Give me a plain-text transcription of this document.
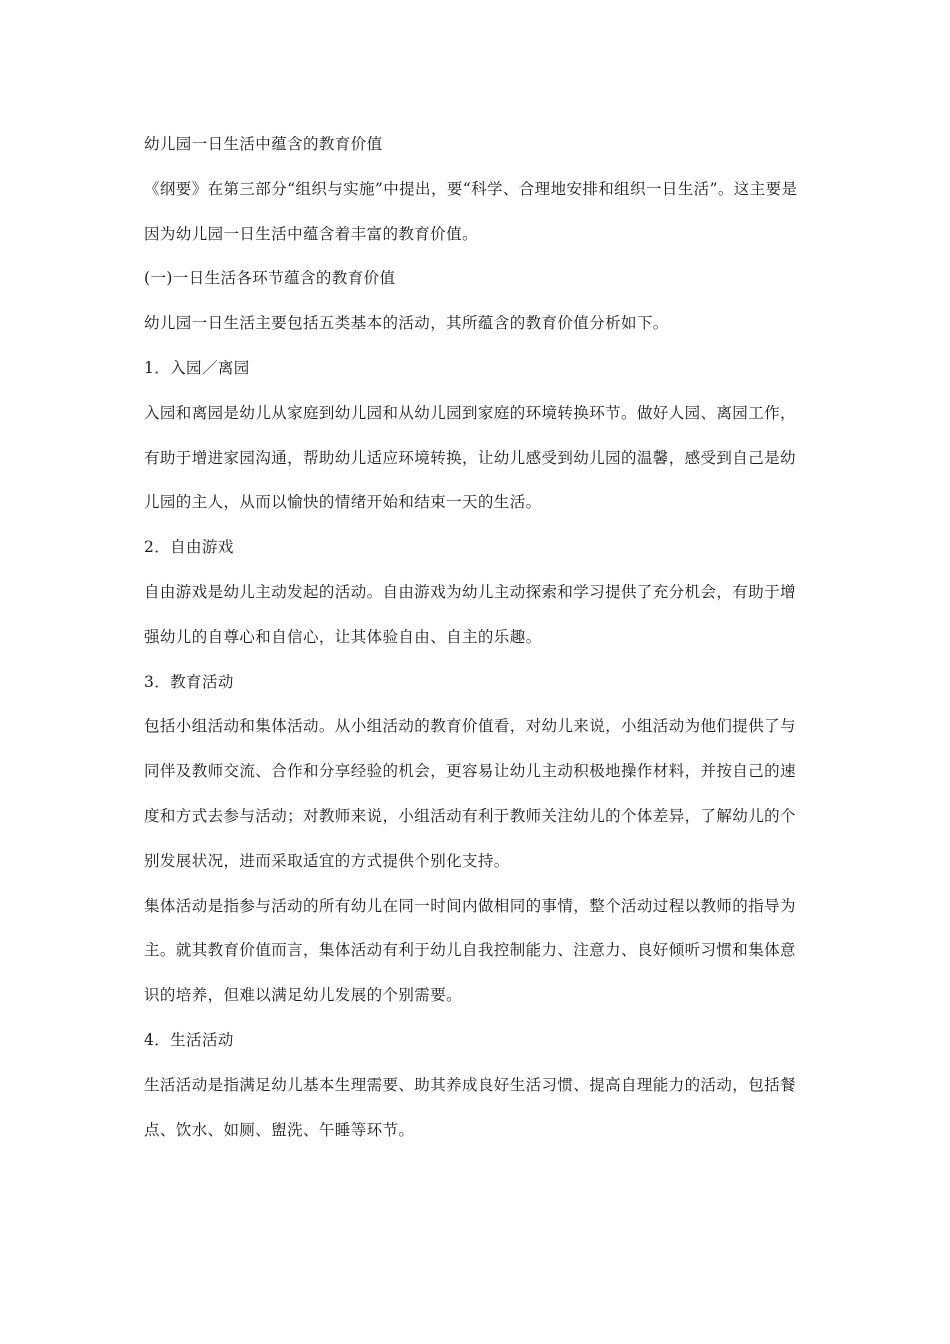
幼儿园一日生活中蕴含的教育价值

《纲要》在第三部分“组织与实施”中提出，要“科学、合理地安排和组织一日生活”。这主要是因为幼儿园一日生活中蕴含着丰富的教育价值。

(一)一日生活各环节蕴含的教育价值

幼儿园一日生活主要包括五类基本的活动，其所蕴含的教育价值分析如下。

1．入园／离园

入园和离园是幼儿从家庭到幼儿园和从幼儿园到家庭的环境转换环节。做好人园、离园工作，有助于增进家园沟通，帮助幼儿适应环境转换，让幼儿感受到幼儿园的温馨，感受到自己是幼儿园的主人，从而以愉快的情绪开始和结束一天的生活。

2．自由游戏

自由游戏是幼儿主动发起的活动。自由游戏为幼儿主动探索和学习提供了充分机会，有助于增强幼儿的自尊心和自信心，让其体验自由、自主的乐趣。

3．教育活动

包括小组活动和集体活动。从小组活动的教育价值看，对幼儿来说，小组活动为他们提供了与同伴及教师交流、合作和分享经验的机会，更容易让幼儿主动积极地操作材料，并按自己的速度和方式去参与活动；对教师来说，小组活动有利于教师关注幼儿的个体差异，了解幼儿的个别发展状况，进而采取适宜的方式提供个别化支持。

集体活动是指参与活动的所有幼儿在同一时间内做相同的事情，整个活动过程以教师的指导为主。就其教育价值而言，集体活动有利于幼儿自我控制能力、注意力、良好倾听习惯和集体意识的培养，但难以满足幼儿发展的个别需要。

4．生活活动

生活活动是指满足幼儿基本生理需要、助其养成良好生活习惯、提高自理能力的活动，包括餐点、饮水、如厕、盥洗、午睡等环节。
